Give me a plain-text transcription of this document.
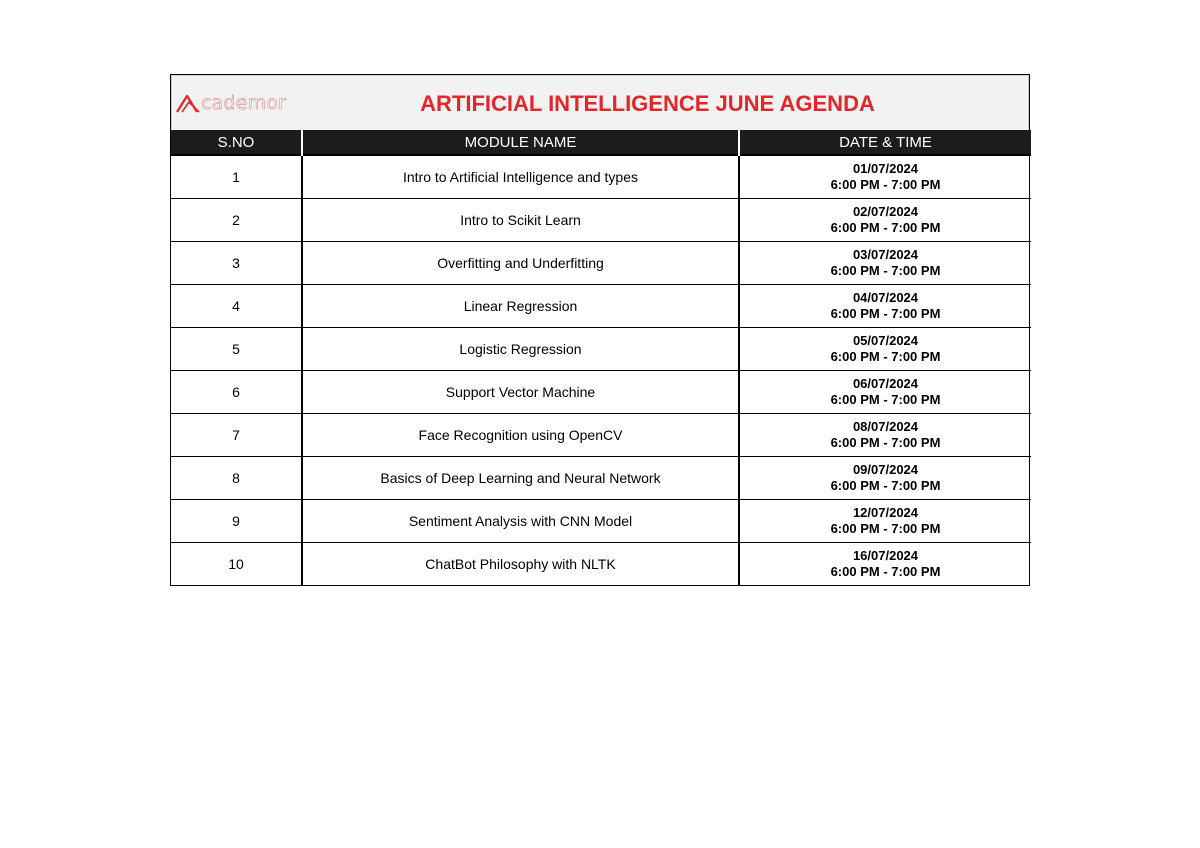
cademor	ARTIFICIAL INTELLIGENCE JUNE AGENDA
S.NO	MODULE NAME	DATE & TIME
1	Intro to Artificial Intelligence and types	01/07/2024
6:00 PM - 7:00 PM

2	Intro to Scikit Learn	02/07/2024
6:00 PM - 7:00 PM

3	Overfitting and Underfitting	03/07/2024
6:00 PM - 7:00 PM

4	Linear Regression	04/07/2024
6:00 PM - 7:00 PM

5	Logistic Regression	05/07/2024
6:00 PM - 7:00 PM

6	Support Vector Machine	06/07/2024
6:00 PM - 7:00 PM

7	Face Recognition using OpenCV	08/07/2024
6:00 PM - 7:00 PM

8	Basics of Deep Learning and Neural Network	09/07/2024
6:00 PM - 7:00 PM

9	Sentiment Analysis with CNN Model	12/07/2024
6:00 PM - 7:00 PM

10	ChatBot Philosophy with NLTK	16/07/2024
6:00 PM - 7:00 PM
